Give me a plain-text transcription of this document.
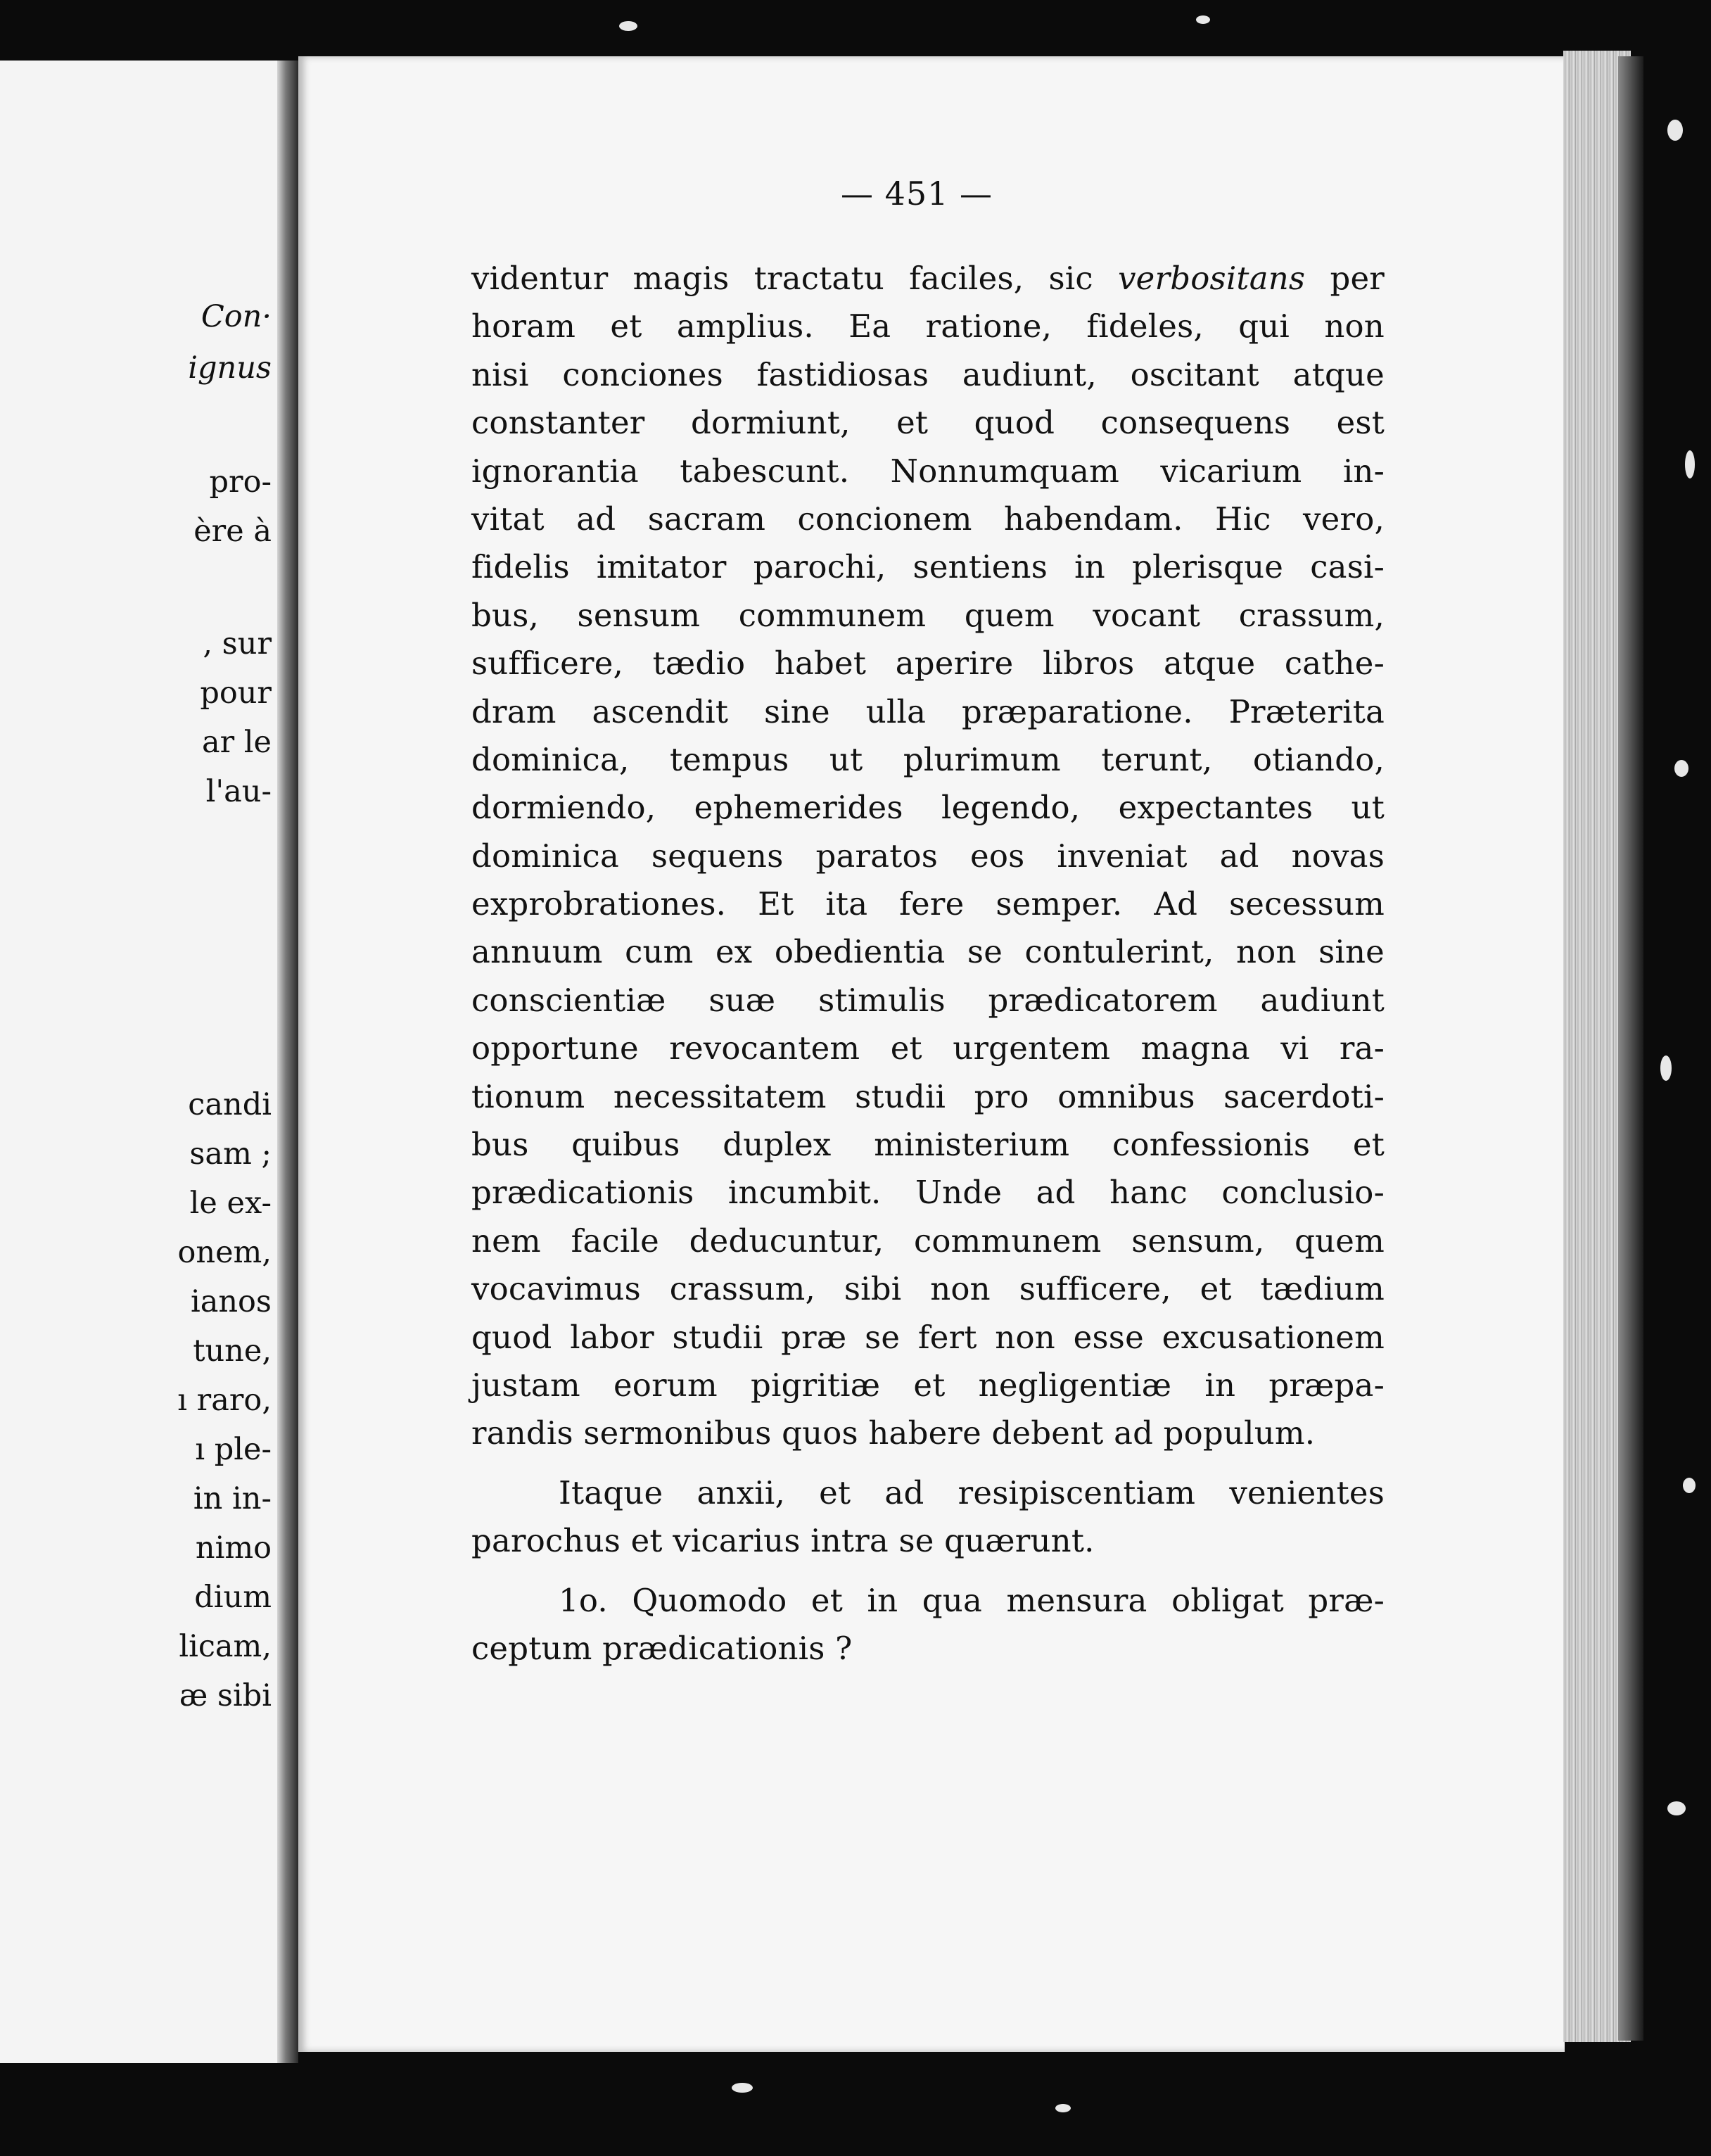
Con·
ignus
pro-
ère à
, sur
pour
ar le
l'au-
candi
sam ;
le ex-
onem,
ianos
tune,
ı raro,
ı ple-
in in-
nimo
dium
licam,
æ sibi
— 451 —
videntur magis tractatu faciles, sic verbositans per
horam et amplius. Ea ratione, fideles, qui non
nisi conciones fastidiosas audiunt, oscitant atque
constanter dormiunt, et quod consequens est
ignorantia tabescunt. Nonnumquam vicarium in-
vitat ad sacram concionem habendam. Hic vero,
fidelis imitator parochi, sentiens in plerisque casi-
bus, sensum communem quem vocant crassum,
sufficere, tædio habet aperire libros atque cathe-
dram ascendit sine ulla præparatione. Præterita
dominica, tempus ut plurimum terunt, otiando,
dormiendo, ephemerides legendo, expectantes ut
dominica sequens paratos eos inveniat ad novas
exprobrationes. Et ita fere semper. Ad secessum
annuum cum ex obedientia se contulerint, non sine
conscientiæ suæ stimulis prædicatorem audiunt
opportune revocantem et urgentem magna vi ra-
tionum necessitatem studii pro omnibus sacerdoti-
bus quibus duplex ministerium confessionis et
prædicationis incumbit. Unde ad hanc conclusio-
nem facile deducuntur, communem sensum, quem
vocavimus crassum, sibi non sufficere, et tædium
quod labor studii præ se fert non esse excusationem
justam eorum pigritiæ et negligentiæ in præpa-
randis sermonibus quos habere debent ad populum.
Itaque anxii, et ad resipiscentiam venientes
parochus et vicarius intra se quærunt.
1o. Quomodo et in qua mensura obligat præ-
ceptum prædicationis ?
